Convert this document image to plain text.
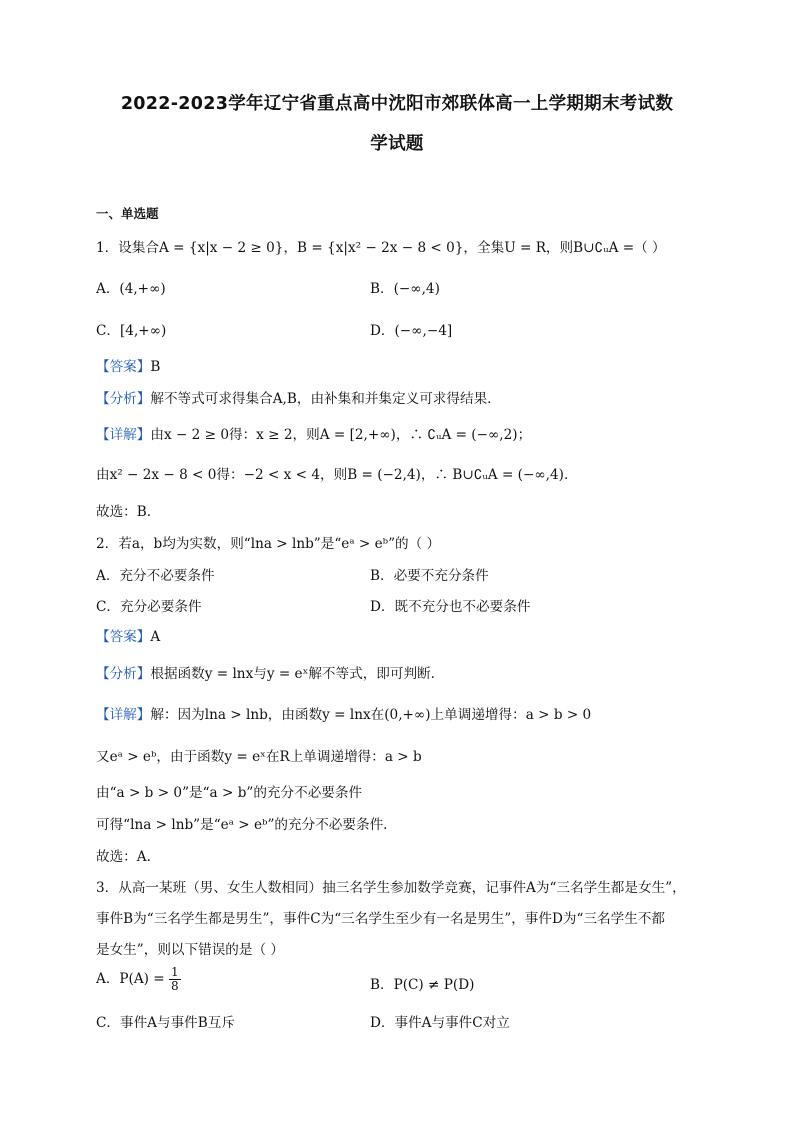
2022-2023学年辽宁省重点高中沈阳市郊联体高一上学期期末考试数
学试题
一、单选题
1．设集合A = {x|x − 2 ≥ 0}，B = {x|x² − 2x − 8 < 0}，全集U = R，则B∪∁ᵤA =（ ）
A．(4,+∞)	B．(−∞,4)
C．[4,+∞)	D．(−∞,−4]
【答案】B
【分析】解不等式可求得集合A,B，由补集和并集定义可求得结果.
【详解】由x − 2 ≥ 0得：x ≥ 2，则A = [2,+∞)，∴ ∁ᵤA = (−∞,2)；
由x² − 2x − 8 < 0得：−2 < x < 4，则B = (−2,4)，∴ B∪∁ᵤA = (−∞,4).
故选：B.
2．若a，b均为实数，则“lna > lnb”是“eᵃ > eᵇ”的（ ）
A．充分不必要条件	B．必要不充分条件
C．充分必要条件	D．既不充分也不必要条件
【答案】A
【分析】根据函数y = lnx与y = eˣ解不等式，即可判断.
【详解】解：因为lna > lnb，由函数y = lnx在(0,+∞)上单调递增得：a > b > 0
又eᵃ > eᵇ，由于函数y = eˣ在R上单调递增得：a > b
由“a > b > 0”是“a > b”的充分不必要条件
可得“lna > lnb”是“eᵃ > eᵇ”的充分不必要条件.
故选：A.
3．从高一某班（男、女生人数相同）抽三名学生参加数学竞赛，记事件A为“三名学生都是女生”，
事件B为“三名学生都是男生”，事件C为“三名学生至少有一名是男生”，事件D为“三名学生不都
是女生”，则以下错误的是（ ）
A．$P(A) = \frac{1}{8}$	B．P(C) ≠ P(D)
C．事件A与事件B互斥	D．事件A与事件C对立
